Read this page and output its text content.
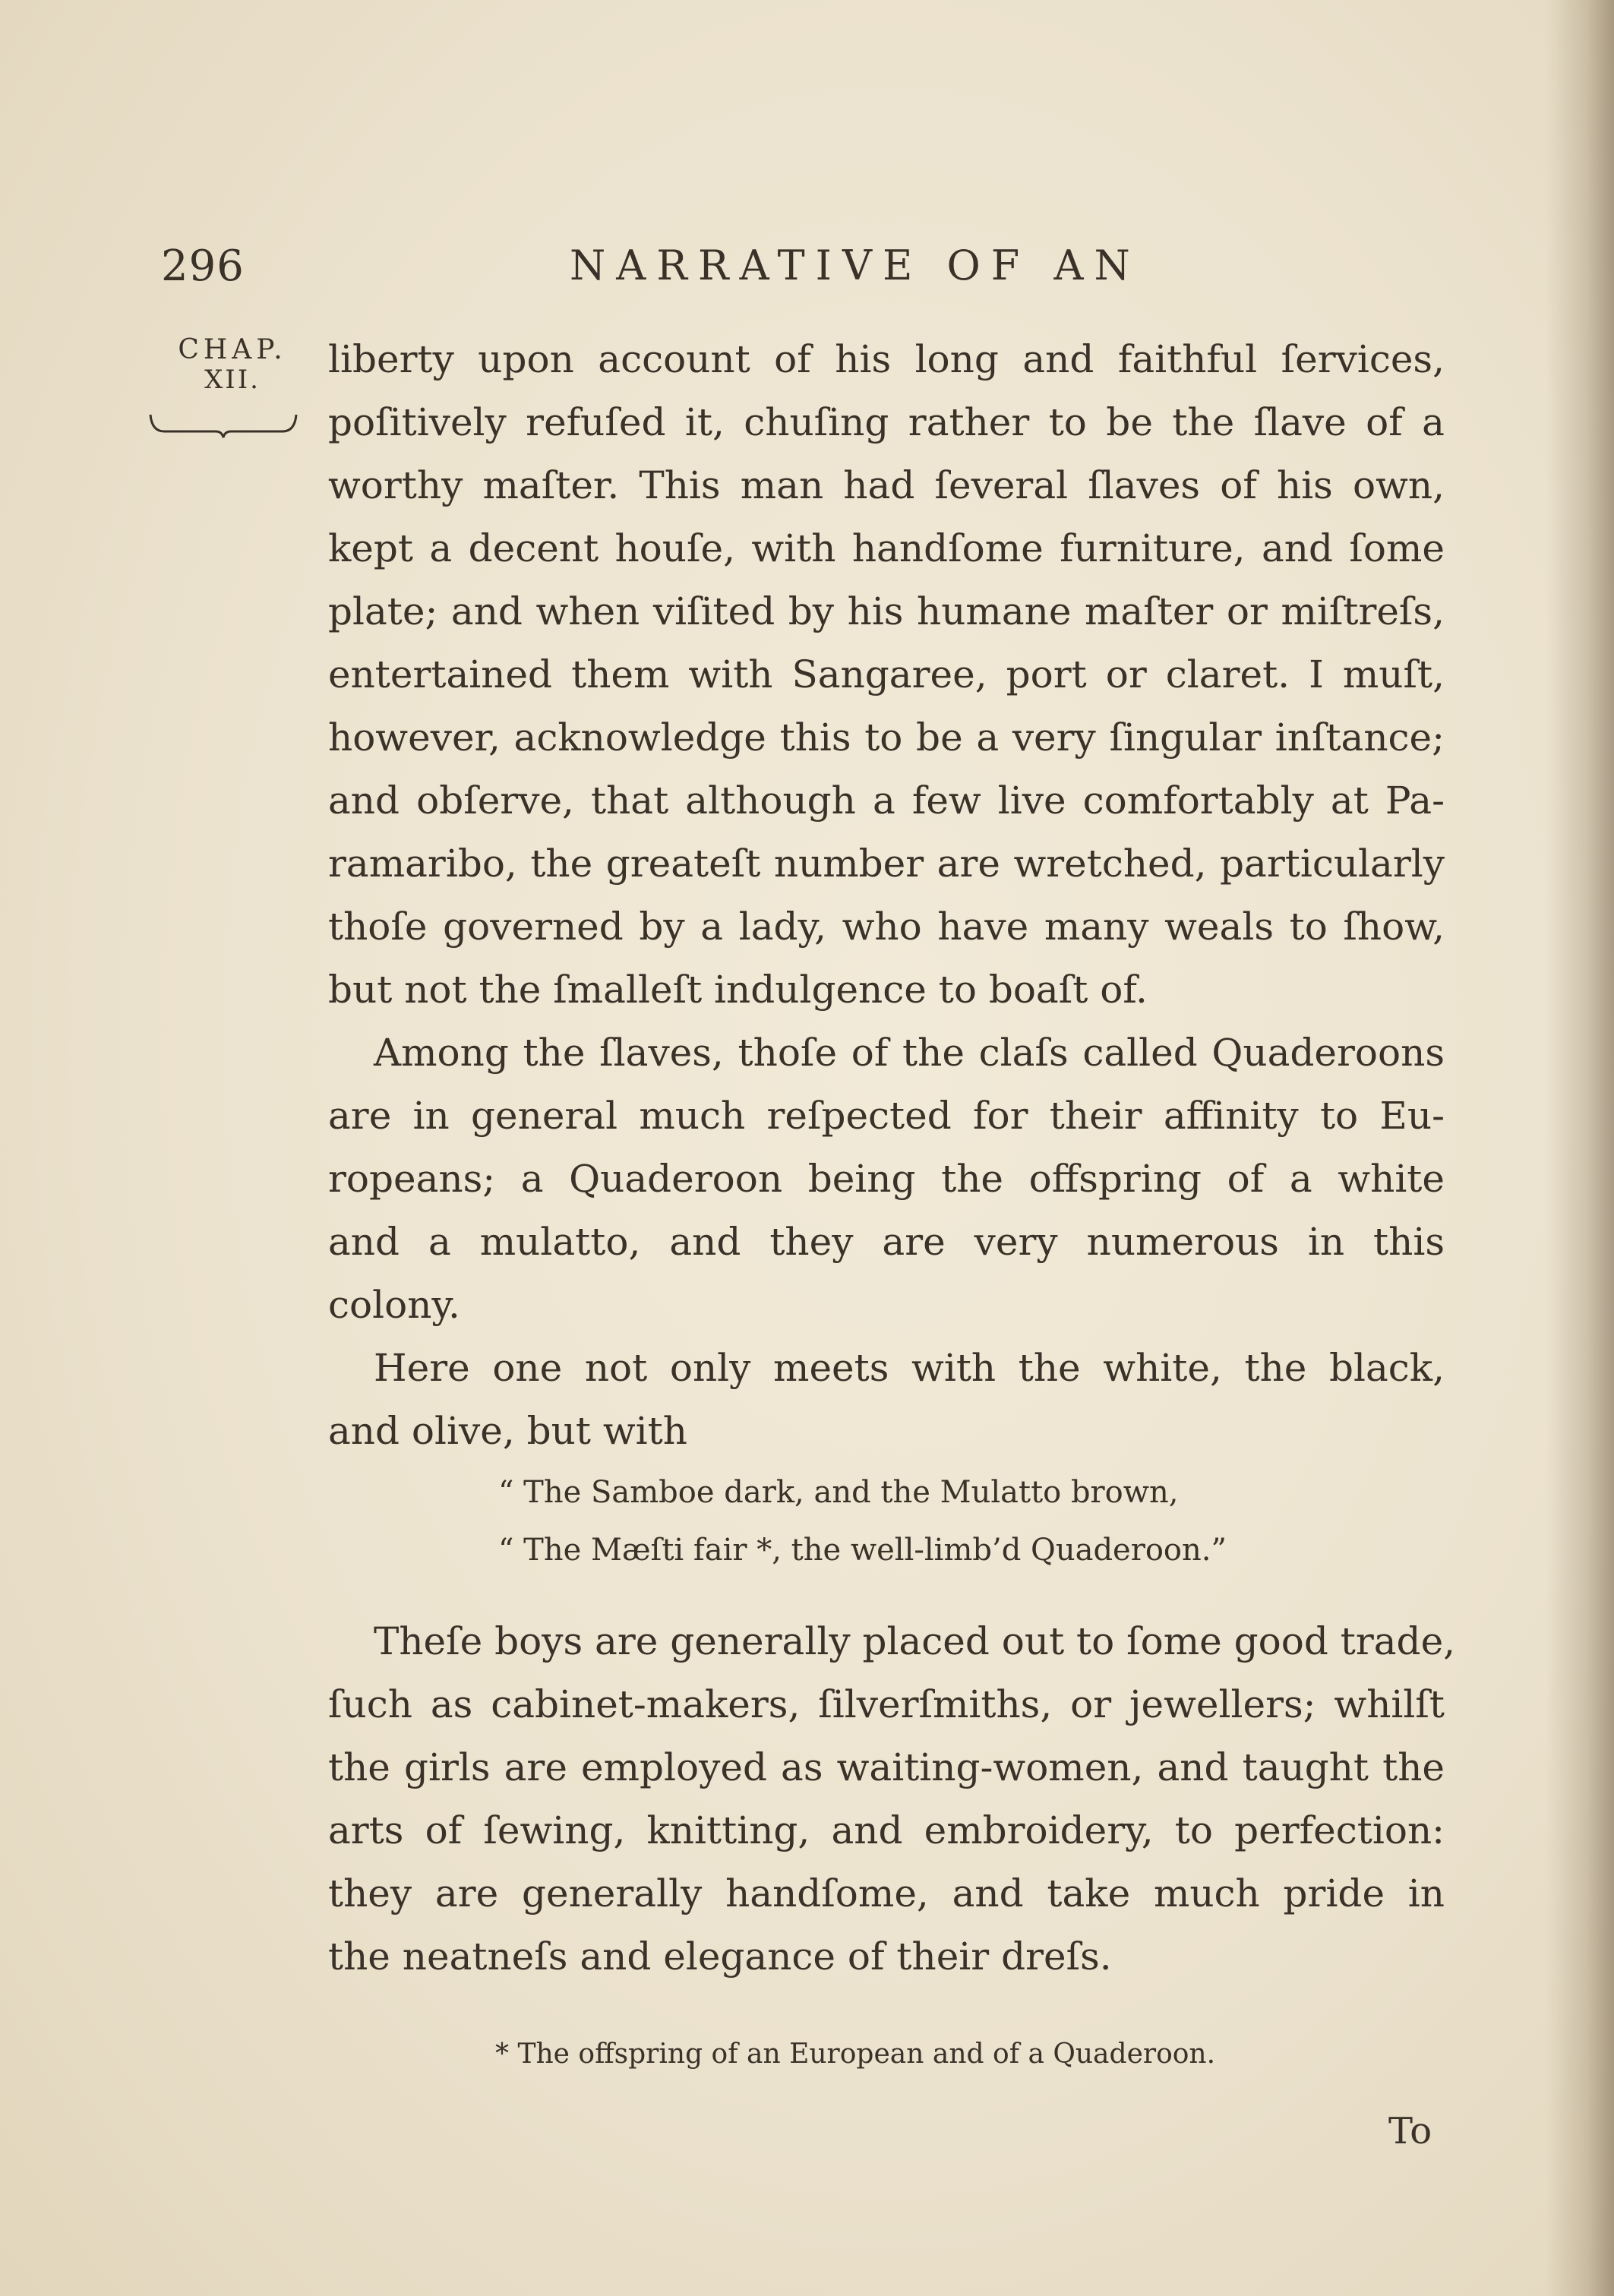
296	NARRATIVE OF AN
CHAP.
XII.	liberty upon account of his long and faithful ſervices,
poſitively refuſed it, chuſing rather to be the ſlave of a
worthy maſter. This man had ſeveral ſlaves of his own,
kept a decent houſe, with handſome furniture, and ſome
plate; and when viſited by his humane maſter or miſtreſs,
entertained them with Sangaree, port or claret. I muſt,
however, acknowledge this to be a very ſingular inſtance;
and obſerve, that although a few live comfortably at Pa-
ramaribo, the greateſt number are wretched, particularly
thoſe governed by a lady, who have many weals to ſhow,
but not the ſmalleſt indulgence to boaſt of.
Among the ſlaves, thoſe of the claſs called Quaderoons
are in general much reſpected for their affinity to Eu-
ropeans; a Quaderoon being the offspring of a white
and a mulatto, and they are very numerous in this
colony.
Here one not only meets with the white, the black,
and olive, but with
“ The Samboe dark, and the Mulatto brown,
“ The Mæſti fair *, the well-limb’d Quaderoon.”
Theſe boys are generally placed out to ſome good trade,
ſuch as cabinet-makers, ſilverſmiths, or jewellers; whilſt
the girls are employed as waiting-women, and taught the
arts of ſewing, knitting, and embroidery, to perfection:
they are generally handſome, and take much pride in
the neatneſs and elegance of their dreſs.
* The offspring of an European and of a Quaderoon.
To
